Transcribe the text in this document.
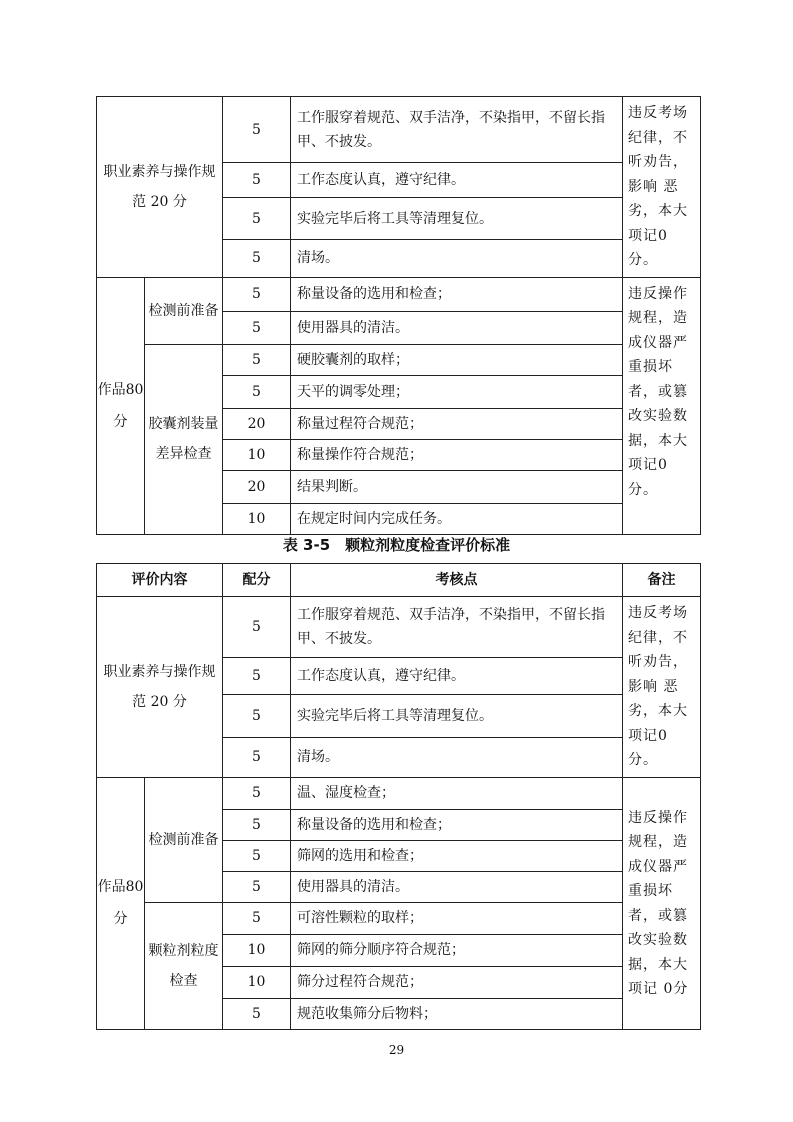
职业素养与操作规范 20 分		5	工作服穿着规范、双手洁净，不染指甲，不留长指甲、不披发。	违反考场纪律，不听劝告，影响 恶劣，本大项记0分。
		5	工作态度认真，遵守纪律。	
		5	实验完毕后将工具等清理复位。	
		5	清场。	
作品80分	检测前准备	5	称量设备的选用和检查；	违反操作规程，造成仪器严重损坏者，或篡改实验数据，本大项记0分。
		5	使用器具的清洁。	
	胶囊剂装量差异检查	5	硬胶囊剂的取样；	
		5	天平的调零处理；	
		20	称量过程符合规范；	
		10	称量操作符合规范；	
		20	结果判断。	
		10	在规定时间内完成任务。	
表 3-5　颗粒剂粒度检查评价标准
评价内容		配分	考核点	备注
职业素养与操作规范 20 分		5	工作服穿着规范、双手洁净，不染指甲，不留长指甲、不披发。	违反考场纪律，不听劝告，影响 恶劣，本大项记0分。
		5	工作态度认真，遵守纪律。	
		5	实验完毕后将工具等清理复位。	
		5	清场。	
作品80分	检测前准备	5	温、湿度检查；	违反操作规程，造成仪器严重损坏者，或篡改实验数据，本大项记 0分
		5	称量设备的选用和检查；	
		5	筛网的选用和检查；	
		5	使用器具的清洁。	
	颗粒剂粒度检查	5	可溶性颗粒的取样；	
		10	筛网的筛分顺序符合规范；	
		10	筛分过程符合规范；	
		5	规范收集筛分后物料；	
29
